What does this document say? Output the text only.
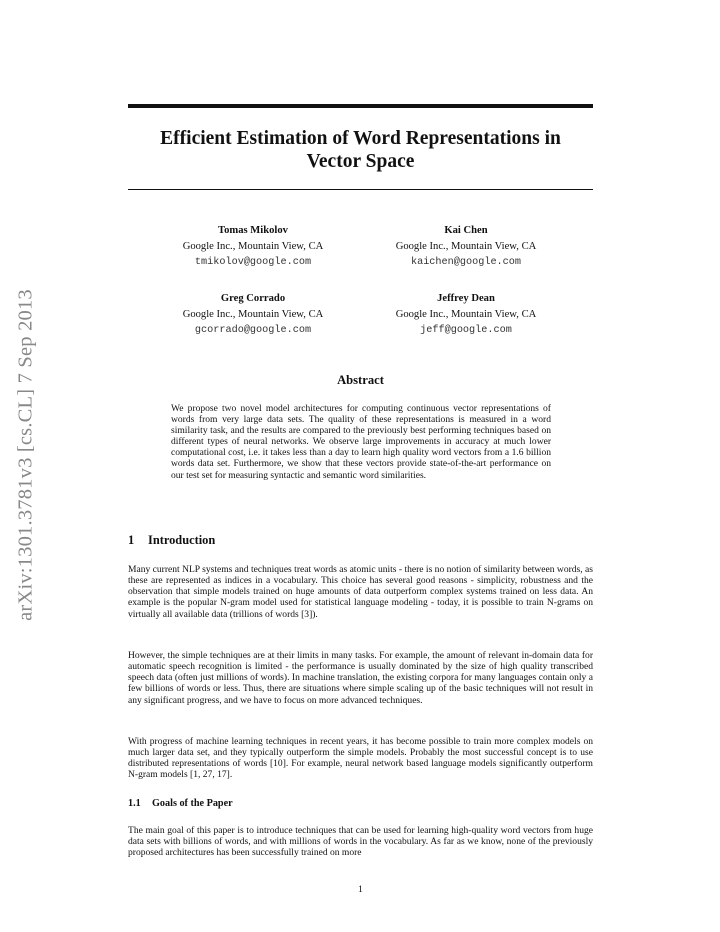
arXiv:1301.3781v3 [cs.CL] 7 Sep 2013
Efficient Estimation of Word Representations in
Vector Space
Tomas Mikolov
Google Inc., Mountain View, CA
tmikolov@google.com
Kai Chen
Google Inc., Mountain View, CA
kaichen@google.com
Greg Corrado
Google Inc., Mountain View, CA
gcorrado@google.com
Jeffrey Dean
Google Inc., Mountain View, CA
jeff@google.com
Abstract
We propose two novel model architectures for computing continuous vector representations of words from very large data sets. The quality of these representations is measured in a word similarity task, and the results are compared to the previously best performing techniques based on different types of neural networks. We observe large improvements in accuracy at much lower computational cost, i.e. it takes less than a day to learn high quality word vectors from a 1.6 billion words data set. Furthermore, we show that these vectors provide state-of-the-art performance on our test set for measuring syntactic and semantic word similarities.
1 Introduction

Many current NLP systems and techniques treat words as atomic units - there is no notion of similarity between words, as these are represented as indices in a vocabulary. This choice has several good reasons - simplicity, robustness and the observation that simple models trained on huge amounts of data outperform complex systems trained on less data. An example is the popular N-gram model used for statistical language modeling - today, it is possible to train N-grams on virtually all available data (trillions of words [3]).

However, the simple techniques are at their limits in many tasks. For example, the amount of relevant in-domain data for automatic speech recognition is limited - the performance is usually dominated by the size of high quality transcribed speech data (often just millions of words). In machine translation, the existing corpora for many languages contain only a few billions of words or less. Thus, there are situations where simple scaling up of the basic techniques will not result in any significant progress, and we have to focus on more advanced techniques.

With progress of machine learning techniques in recent years, it has become possible to train more complex models on much larger data set, and they typically outperform the simple models. Probably the most successful concept is to use distributed representations of words [10]. For example, neural network based language models significantly outperform N-gram models [1, 27, 17].

1.1 Goals of the Paper

The main goal of this paper is to introduce techniques that can be used for learning high-quality word vectors from huge data sets with billions of words, and with millions of words in the vocabulary. As far as we know, none of the previously proposed architectures has been successfully trained on more

1
